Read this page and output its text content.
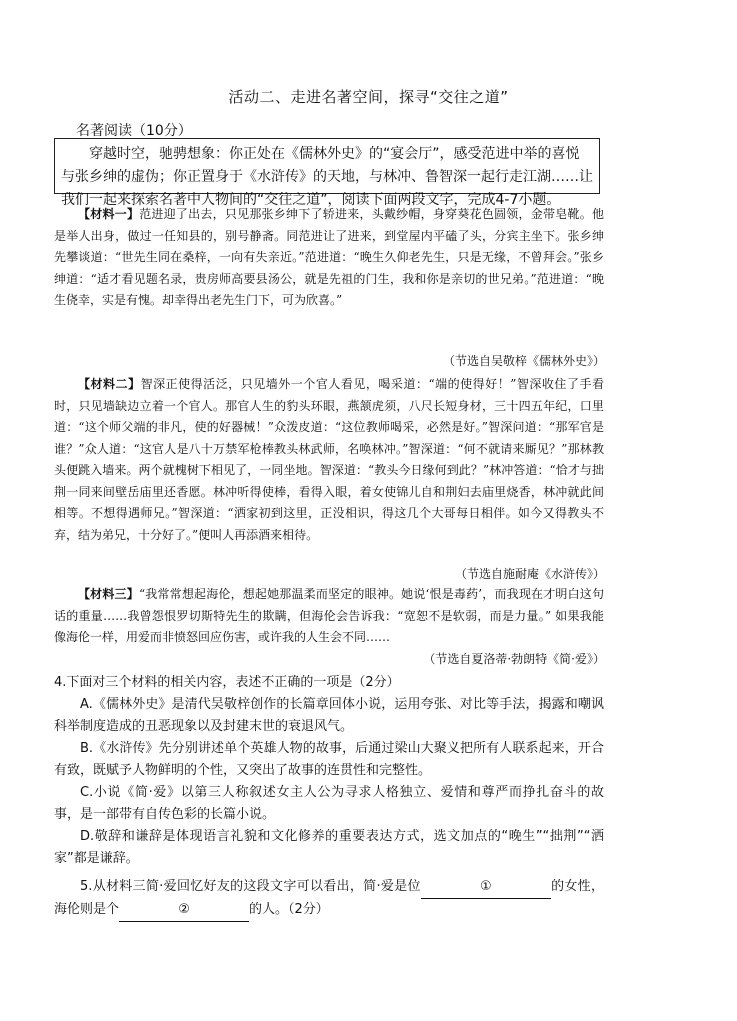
活动二、走进名著空间，探寻“交往之道”
名著阅读（10分）
穿越时空，驰骋想象：你正处在《儒林外史》的“宴会厅”，感受范进中举的喜悦与张乡绅的虚伪；你正置身于《水浒传》的天地，与林冲、鲁智深一起行走江湖……让我们一起来探索名著中人物间的“交往之道”，阅读下面两段文字，完成4-7小题。
【材料一】范进迎了出去，只见那张乡绅下了轿进来，头戴纱帽，身穿葵花色圆领，金带皂靴。他是举人出身，做过一任知县的，别号静斋。同范进让了进来，到堂屋内平磕了头，分宾主坐下。张乡绅先攀谈道：“世先生同在桑梓，一向有失亲近。”范进道：“晚生久仰老先生，只是无缘，不曾拜会。”张乡绅道：“适才看见题名录，贵房师高要县汤公，就是先祖的门生，我和你是亲切的世兄弟。”范进道：“晚生侥幸，实是有愧。却幸得出老先生门下，可为欣喜。”
（节选自吴敬梓《儒林外史》）
【材料二】智深正使得活泛，只见墙外一个官人看见，喝采道：“端的使得好！”智深收住了手看时，只见墙缺边立着一个官人。那官人生的豹头环眼，燕颔虎须，八尺长短身材，三十四五年纪，口里道：“这个师父端的非凡，使的好器械！”众泼皮道：“这位教师喝采，必然是好。”智深问道：“那军官是谁？”众人道：“这官人是八十万禁军枪棒教头林武师，名唤林冲。”智深道：“何不就请来厮见？”那林教头便跳入墙来。两个就槐树下相见了，一同坐地。智深道：“教头今日缘何到此？”林冲答道：“恰才与拙荆一同来间壁岳庙里还香愿。林冲听得使棒，看得入眼，着女使锦儿自和荆妇去庙里烧香，林冲就此间相等。不想得遇师兄。”智深道：“洒家初到这里，正没相识，得这几个大哥每日相伴。如今又得教头不弃，结为弟兄，十分好了。”便叫人再添酒来相待。
（节选自施耐庵《水浒传》）
【材料三】“我常常想起海伦，想起她那温柔而坚定的眼神。她说‘恨是毒药’，而我现在才明白这句话的重量……我曾怨恨罗切斯特先生的欺瞒，但海伦会告诉我：“宽恕不是软弱，而是力量。” 如果我能像海伦一样，用爱而非愤怒回应伤害，或许我的人生会不同……
（节选自夏洛蒂·勃朗特《简·爱》）
4.下面对三个材料的相关内容，表述不正确的一项是（2分）
A.《儒林外史》是清代吴敬梓创作的长篇章回体小说，运用夸张、对比等手法，揭露和嘲讽科举制度造成的丑恶现象以及封建末世的衰退风气。
B.《水浒传》先分别讲述单个英雄人物的故事，后通过梁山大聚义把所有人联系起来，开合有致，既赋予人物鲜明的个性，又突出了故事的连贯性和完整性。
C.小说《简·爱》以第三人称叙述女主人公为寻求人格独立、爱情和尊严而挣扎奋斗的故事，是一部带有自传色彩的长篇小说。
D.敬辞和谦辞是体现语言礼貌和文化修养的重要表达方式，选文加点的“晚生”“拙荆”“洒家”都是谦辞。
5.从材料三简·爱回忆好友的这段文字可以看出，简·爱是位	①	的女性，海伦则是个	②	的人。（2分）
